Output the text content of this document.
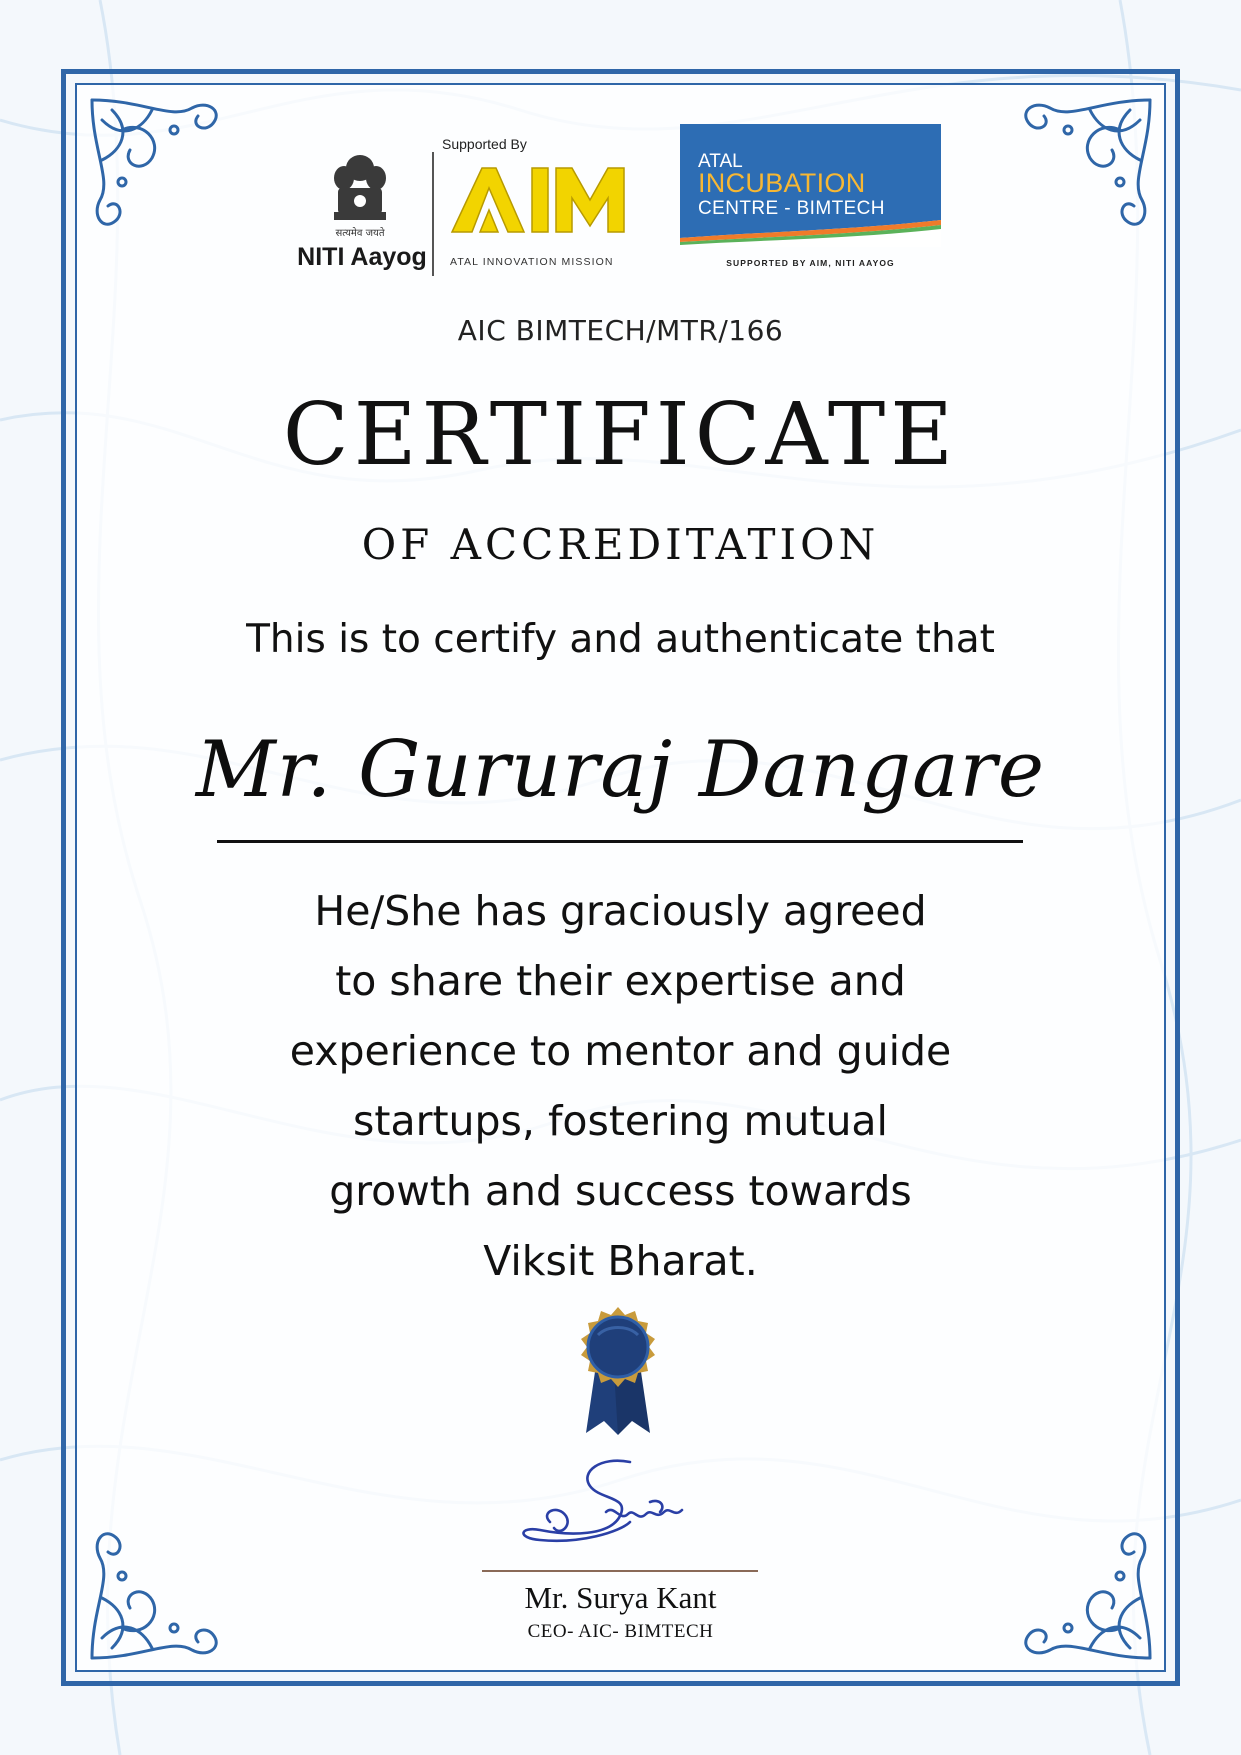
सत्यमेव जयते
NITI Aayog
Supported By
ATAL INNOVATION MISSION
ATAL
INCUBATION
CENTRE - BIMTECH
SUPPORTED BY AIM, NITI AAYOG
AIC BIMTECH/MTR/166
CERTIFICATE
OF ACCREDITATION
This is to certify and authenticate that
Mr. Gururaj Dangare
He/She has graciously agreed
to share their expertise and
experience to mentor and guide
startups, fostering mutual
growth and success towards
Viksit Bharat.
Mr. Surya Kant
CEO- AIC- BIMTECH
